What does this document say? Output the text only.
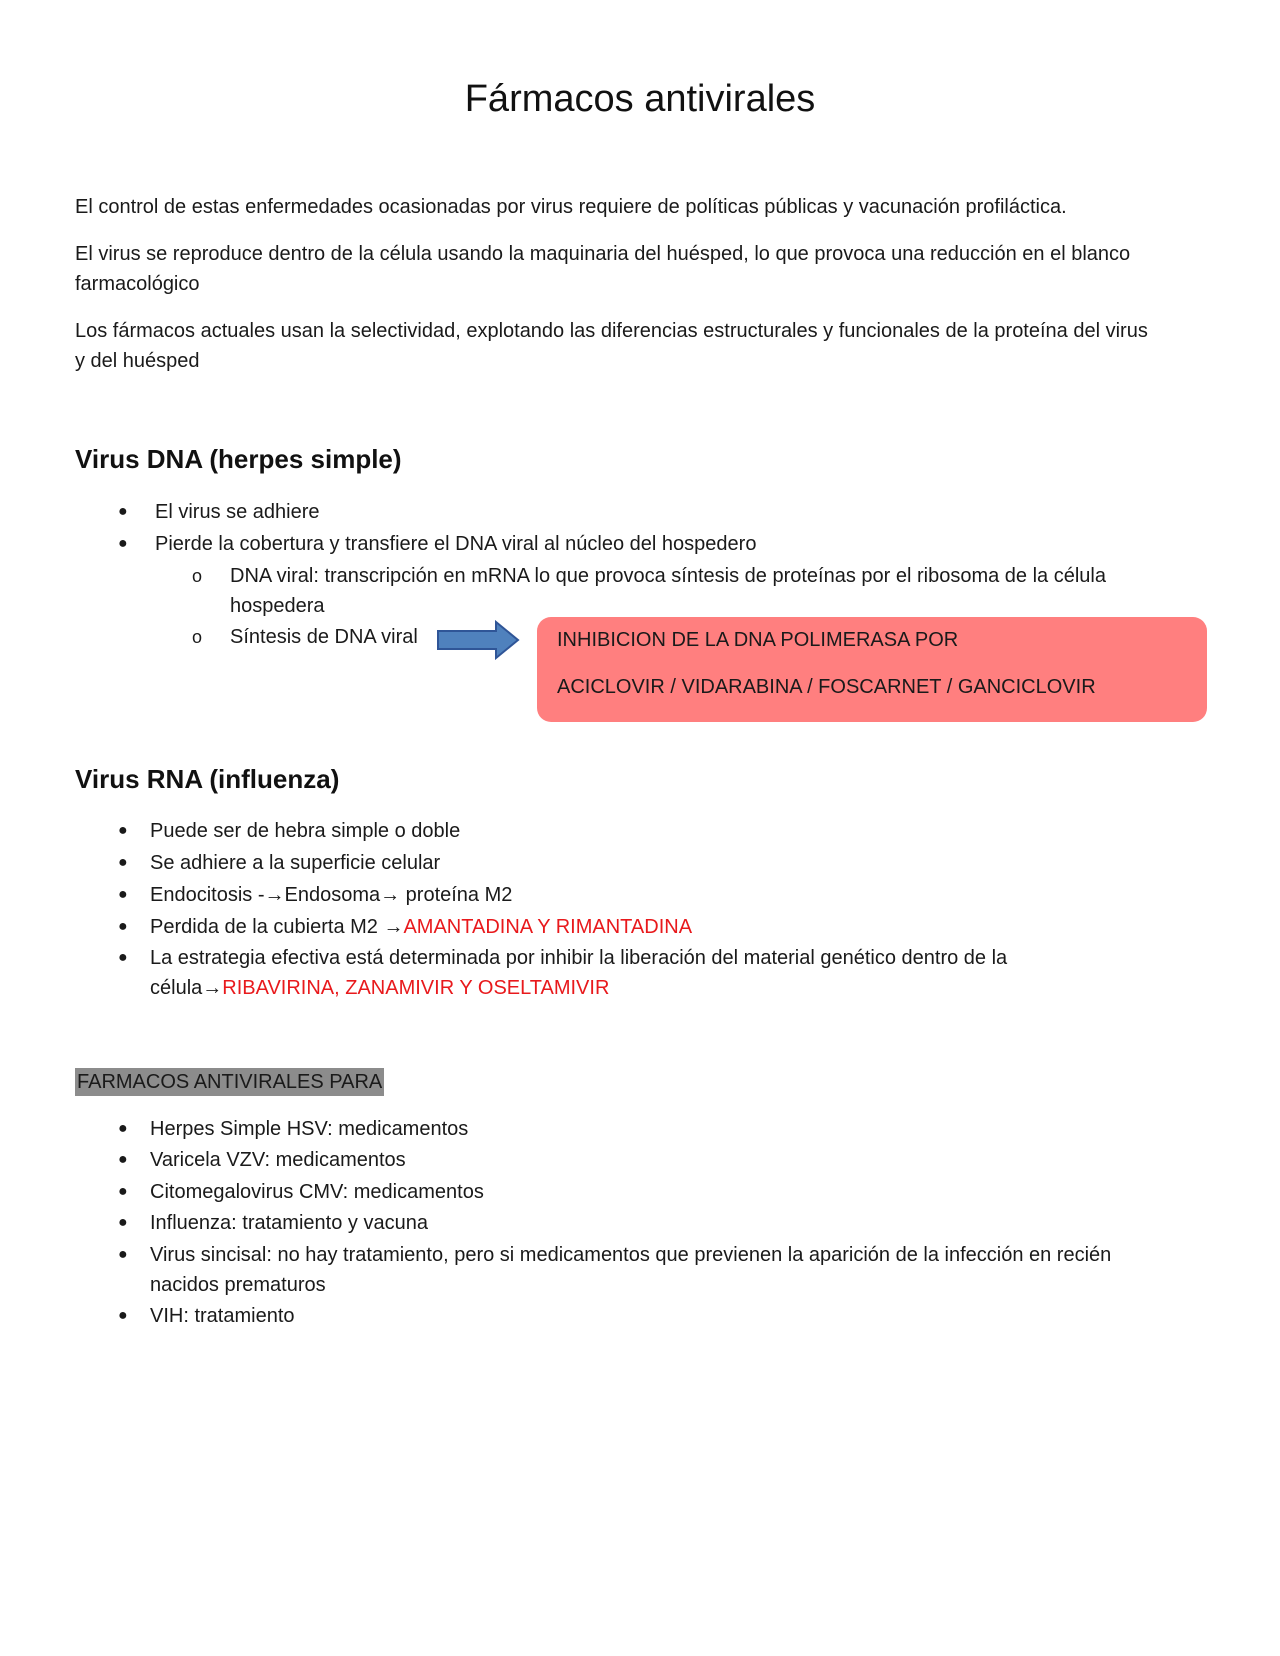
Fármacos antivirales

El control de estas enfermedades ocasionadas por virus requiere de políticas públicas y vacunación profiláctica.

El virus se reproduce dentro de la célula usando la maquinaria del huésped, lo que provoca una reducción en el blanco

farmacológico

Los fármacos actuales usan la selectividad, explotando las diferencias estructurales y funcionales de la proteína del virus

y del huésped

Virus DNA (herpes simple)
● El virus se adhiere

● Pierde la cobertura y transfiere el DNA viral al núcleo del hospedero

o DNA viral: transcripción en mRNA lo que provoca síntesis de proteínas por el ribosoma de la célula

hospedera

o Síntesis de DNA viral	INHIBICION DE LA DNA POLIMERASA POR

ACICLOVIR / VIDARABINA / FOSCARNET / GANCICLOVIR

Virus RNA (influenza)
● Puede ser de hebra simple o doble

● Se adhiere a la superficie celular

● Endocitosis -→Endosoma→ proteína M2

● Perdida de la cubierta M2 →AMANTADINA Y RIMANTADINA

● La estrategia efectiva está determinada por inhibir la liberación del material genético dentro de la

célula→RIBAVIRINA, ZANAMIVIR Y OSELTAMIVIR

FARMACOS ANTIVIRALES PARA
● Herpes Simple HSV: medicamentos

● Varicela VZV: medicamentos

● Citomegalovirus CMV: medicamentos

● Influenza: tratamiento y vacuna

● Virus sincisal: no hay tratamiento, pero si medicamentos que previenen la aparición de la infección en recién

nacidos prematuros

● VIH: tratamiento
